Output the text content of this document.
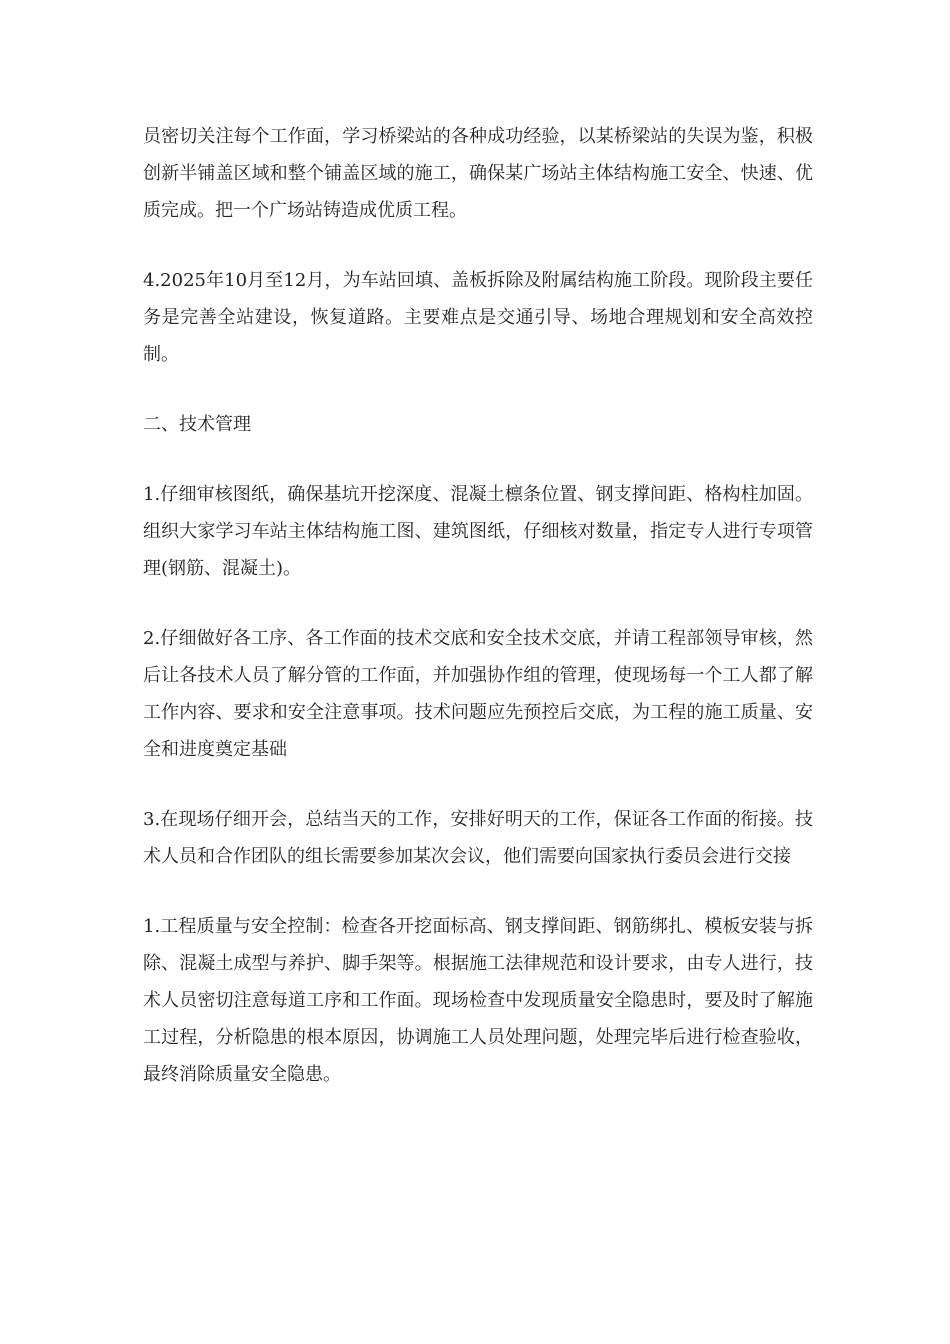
员密切关注每个工作面，学习桥梁站的各种成功经验，以某桥梁站的失误为鉴，积极创新半铺盖区域和整个铺盖区域的施工，确保某广场站主体结构施工安全、快速、优质完成。把一个广场站铸造成优质工程。

4.2025年10月至12月，为车站回填、盖板拆除及附属结构施工阶段。现阶段主要任务是完善全站建设，恢复道路。主要难点是交通引导、场地合理规划和安全高效控制。

二、技术管理

1.仔细审核图纸，确保基坑开挖深度、混凝土檩条位置、钢支撑间距、格构柱加固。组织大家学习车站主体结构施工图、建筑图纸，仔细核对数量，指定专人进行专项管理(钢筋、混凝土)。

2.仔细做好各工序、各工作面的技术交底和安全技术交底，并请工程部领导审核，然后让各技术人员了解分管的工作面，并加强协作组的管理，使现场每一个工人都了解工作内容、要求和安全注意事项。技术问题应先预控后交底，为工程的施工质量、安全和进度奠定基础

3.在现场仔细开会，总结当天的工作，安排好明天的工作，保证各工作面的衔接。技术人员和合作团队的组长需要参加某次会议，他们需要向国家执行委员会进行交接

1.工程质量与安全控制：检查各开挖面标高、钢支撑间距、钢筋绑扎、模板安装与拆除、混凝土成型与养护、脚手架等。根据施工法律规范和设计要求，由专人进行，技术人员密切注意每道工序和工作面。现场检查中发现质量安全隐患时，要及时了解施工过程，分析隐患的根本原因，协调施工人员处理问题，处理完毕后进行检查验收，最终消除质量安全隐患。
